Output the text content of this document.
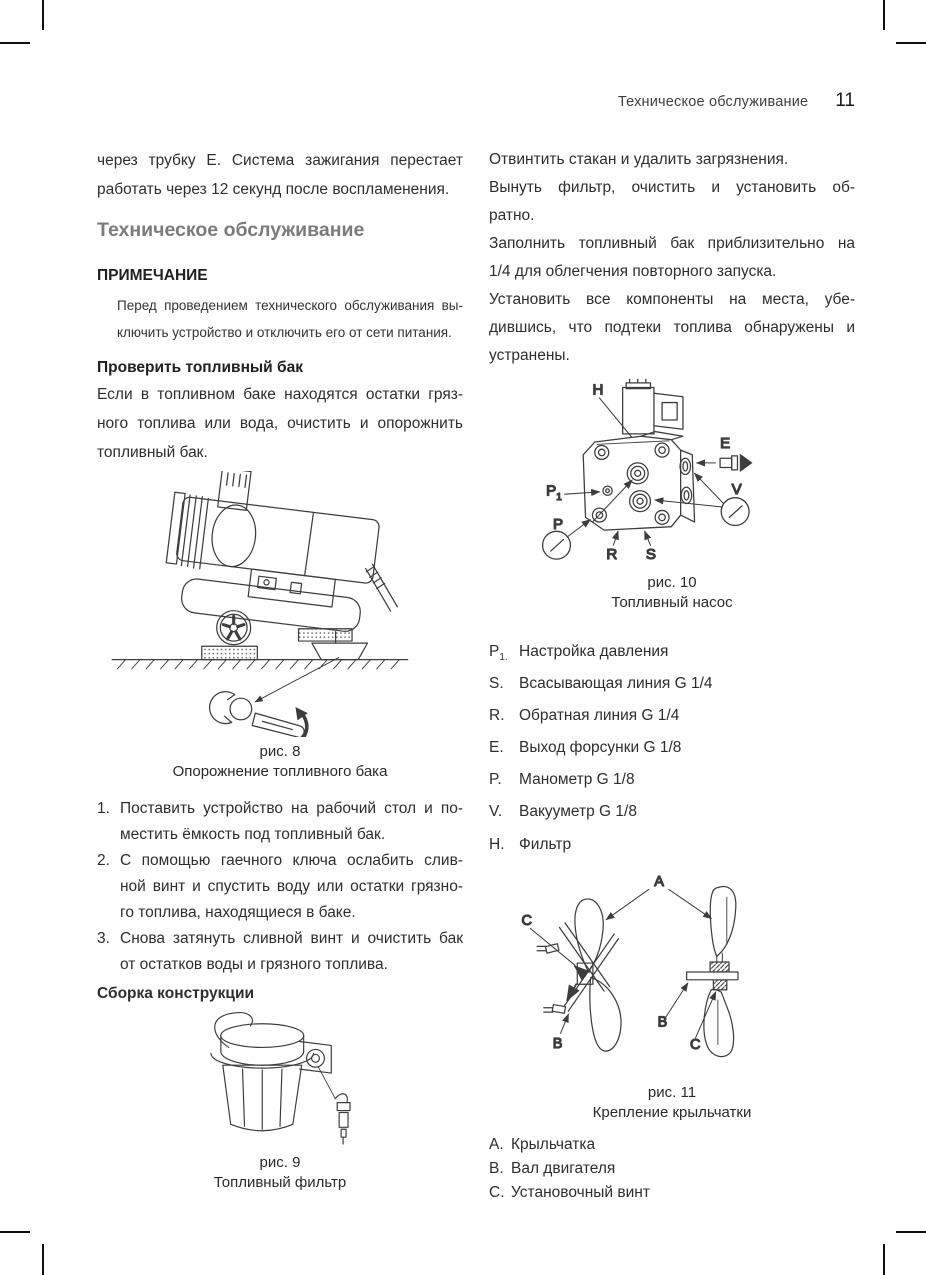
Техническое обслуживание 11
через трубку Е. Система зажигания перестает
работать через 12 секунд после воспламенения.
Техническое обслуживание
ПРИМЕЧАНИЕ
Перед проведением технического обслуживания вы-
ключить устройство и отключить его от сети питания.
Проверить топливный бак
Если в топливном баке находятся остатки гряз-
ного топлива или вода, очистить и опорожнить
топливный бак.
рис. 8
Опорожнение топливного бака
1. Поставить устройство на рабочий стол и по-
местить ёмкость под топливный бак.
2. С помощью гаечного ключа ослабить слив-
ной винт и спустить воду или остатки грязно-
го топлива, находящиеся в баке.
3. Снова затянуть сливной винт и очистить бак
от остатков воды и грязного топлива.
Сборка конструкции
рис. 9
Топливный фильтр
Отвинтить стакан и удалить загрязнения.
Вынуть фильтр, очистить и установить об-
ратно.
Заполнить топливный бак приблизительно на
1/4 для облегчения повторного запуска.
Установить все компоненты на места, убе-
дившись, что подтеки топлива обнаружены и
устранены.
H
E
$P_1$
P
V
R S
рис. 10
Топливный насос
$P_{1.}$ Настройка давления
S. Всасывающая линия G 1/4
R. Обратная линия G 1/4
E. Выход форсунки G 1/8
P.	Манометр G 1/8
V.	Вакууметр G 1/8
H. Фильтр
A
C
B
B
C
рис. 11
Крепление крыльчатки
A. Крыльчатка
B. Вал двигателя
C. Установочный винт
